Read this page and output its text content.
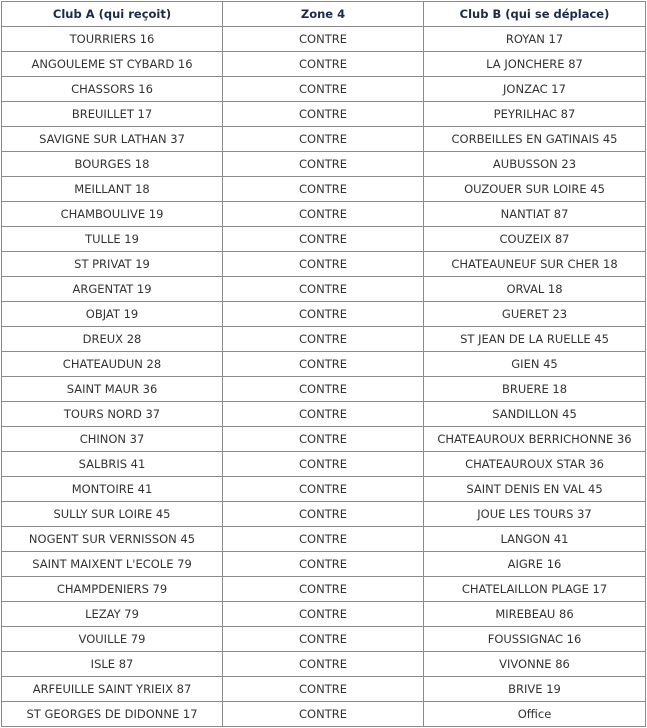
Club A (qui reçoit)	Zone 4	Club B (qui se déplace)
TOURRIERS 16	CONTRE	ROYAN 17
ANGOULEME ST CYBARD 16	CONTRE	LA JONCHERE 87
CHASSORS 16	CONTRE	JONZAC 17
BREUILLET 17	CONTRE	PEYRILHAC 87
SAVIGNE SUR LATHAN 37	CONTRE	CORBEILLES EN GATINAIS 45
BOURGES 18	CONTRE	AUBUSSON 23
MEILLANT 18	CONTRE	OUZOUER SUR LOIRE 45
CHAMBOULIVE 19	CONTRE	NANTIAT 87
TULLE 19	CONTRE	COUZEIX 87
ST PRIVAT 19	CONTRE	CHATEAUNEUF SUR CHER 18
ARGENTAT 19	CONTRE	ORVAL 18
OBJAT 19	CONTRE	GUERET 23
DREUX 28	CONTRE	ST JEAN DE LA RUELLE 45
CHATEAUDUN 28	CONTRE	GIEN 45
SAINT MAUR 36	CONTRE	BRUERE 18
TOURS NORD 37	CONTRE	SANDILLON 45
CHINON 37	CONTRE	CHATEAUROUX BERRICHONNE 36
SALBRIS 41	CONTRE	CHATEAUROUX STAR 36
MONTOIRE 41	CONTRE	SAINT DENIS EN VAL 45
SULLY SUR LOIRE 45	CONTRE	JOUE LES TOURS 37
NOGENT SUR VERNISSON 45	CONTRE	LANGON 41
SAINT MAIXENT L'ECOLE 79	CONTRE	AIGRE 16
CHAMPDENIERS 79	CONTRE	CHATELAILLON PLAGE 17
LEZAY 79	CONTRE	MIREBEAU 86
VOUILLE 79	CONTRE	FOUSSIGNAC 16
ISLE 87	CONTRE	VIVONNE 86
ARFEUILLE SAINT YRIEIX 87	CONTRE	BRIVE 19
ST GEORGES DE DIDONNE 17	CONTRE	Office
